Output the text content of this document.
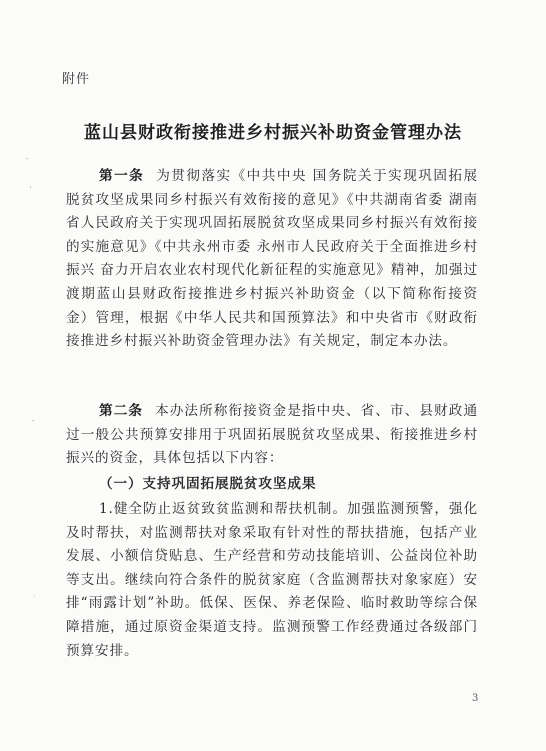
附件
蓝山县财政衔接推进乡村振兴补助资金管理办法

第一条 为贯彻落实《中共中央 国务院关于实现巩固拓展脱贫攻坚成果同乡村振兴有效衔接的意见》《中共湖南省委 湖南省人民政府关于实现巩固拓展脱贫攻坚成果同乡村振兴有效衔接的实施意见》《中共永州市委 永州市人民政府关于全面推进乡村振兴 奋力开启农业农村现代化新征程的实施意见》精神，加强过渡期蓝山县财政衔接推进乡村振兴补助资金（以下简称衔接资金）管理，根据《中华人民共和国预算法》和中央省市《财政衔接推进乡村振兴补助资金管理办法》有关规定，制定本办法。

第二条 本办法所称衔接资金是指中央、省、市、县财政通过一般公共预算安排用于巩固拓展脱贫攻坚成果、衔接推进乡村振兴的资金，具体包括以下内容：

（一）支持巩固拓展脱贫攻坚成果

1.健全防止返贫致贫监测和帮扶机制。加强监测预警，强化及时帮扶，对监测帮扶对象采取有针对性的帮扶措施，包括产业发展、小额信贷贴息、生产经营和劳动技能培训、公益岗位补助等支出。继续向符合条件的脱贫家庭（含监测帮扶对象家庭）安排“雨露计划”补助。低保、医保、养老保险、临时救助等综合保障措施，通过原资金渠道支持。监测预警工作经费通过各级部门预算安排。

3
